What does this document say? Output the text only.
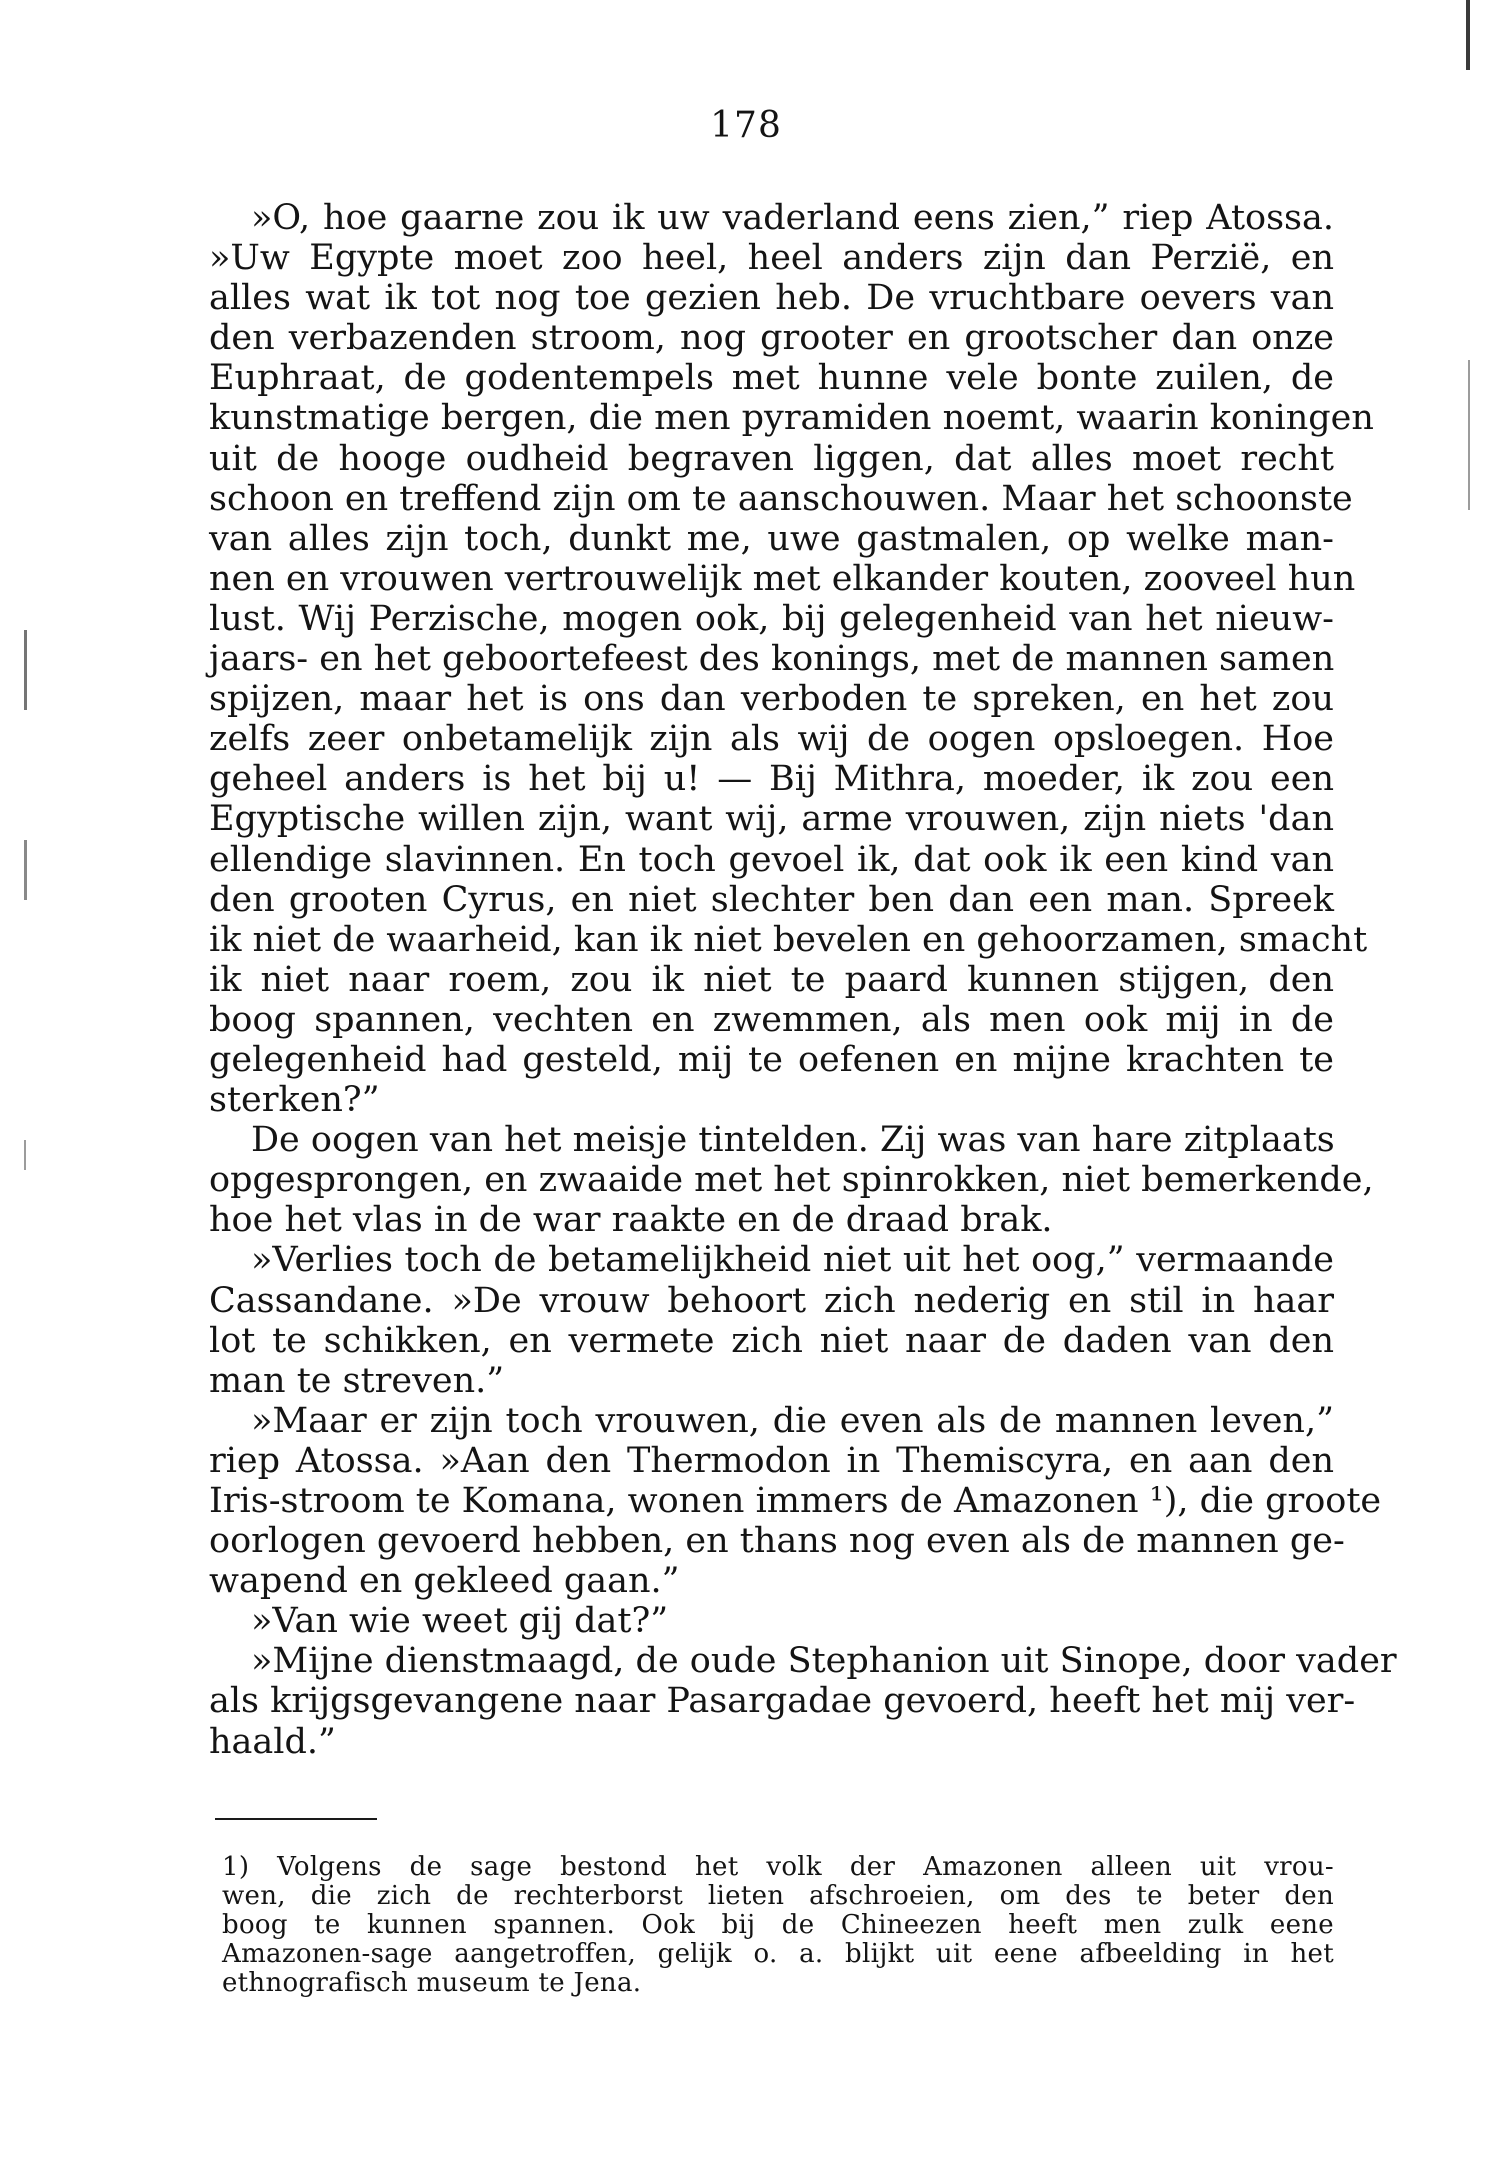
178
»O, hoe gaarne zou ik uw vaderland eens zien,” riep Atossa.
»Uw Egypte moet zoo heel, heel anders zijn dan Perzië, en
alles wat ik tot nog toe gezien heb. De vruchtbare oevers van
den verbazenden stroom, nog grooter en grootscher dan onze
Euphraat, de godentempels met hunne vele bonte zuilen, de
kunstmatige bergen, die men pyramiden noemt, waarin koningen
uit de hooge oudheid begraven liggen, dat alles moet recht
schoon en treffend zijn om te aanschouwen. Maar het schoonste
van alles zijn toch, dunkt me, uwe gastmalen, op welke man-
nen en vrouwen vertrouwelijk met elkander kouten, zooveel hun
lust. Wij Perzische, mogen ook, bij gelegenheid van het nieuw-
jaars- en het geboortefeest des konings, met de mannen samen
spijzen, maar het is ons dan verboden te spreken, en het zou
zelfs zeer onbetamelijk zijn als wij de oogen opsloegen. Hoe
geheel anders is het bij u! — Bij Mithra, moeder, ik zou een
Egyptische willen zijn, want wij, arme vrouwen, zijn niets 'dan
ellendige slavinnen. En toch gevoel ik, dat ook ik een kind van
den grooten Cyrus, en niet slechter ben dan een man. Spreek
ik niet de waarheid, kan ik niet bevelen en gehoorzamen, smacht
ik niet naar roem, zou ik niet te paard kunnen stijgen, den
boog spannen, vechten en zwemmen, als men ook mij in de
gelegenheid had gesteld, mij te oefenen en mijne krachten te
sterken?”
De oogen van het meisje tintelden. Zij was van hare zitplaats
opgesprongen, en zwaaide met het spinrokken, niet bemerkende,
hoe het vlas in de war raakte en de draad brak.
»Verlies toch de betamelijkheid niet uit het oog,” vermaande
Cassandane. »De vrouw behoort zich nederig en stil in haar
lot te schikken, en vermete zich niet naar de daden van den
man te streven.”
»Maar er zijn toch vrouwen, die even als de mannen leven,”
riep Atossa. »Aan den Thermodon in Themiscyra, en aan den
Iris-stroom te Komana, wonen immers de Amazonen ¹), die groote
oorlogen gevoerd hebben, en thans nog even als de mannen ge-
wapend en gekleed gaan.”
»Van wie weet gij dat?”
»Mijne dienstmaagd, de oude Stephanion uit Sinope, door vader
als krijgsgevangene naar Pasargadae gevoerd, heeft het mij ver-
haald.”
1) Volgens de sage bestond het volk der Amazonen alleen uit vrou-
wen, die zich de rechterborst lieten afschroeien, om des te beter den
boog te kunnen spannen. Ook bij de Chineezen heeft men zulk eene
Amazonen-sage aangetroffen, gelijk o. a. blijkt uit eene afbeelding in het
ethnografisch museum te Jena.
